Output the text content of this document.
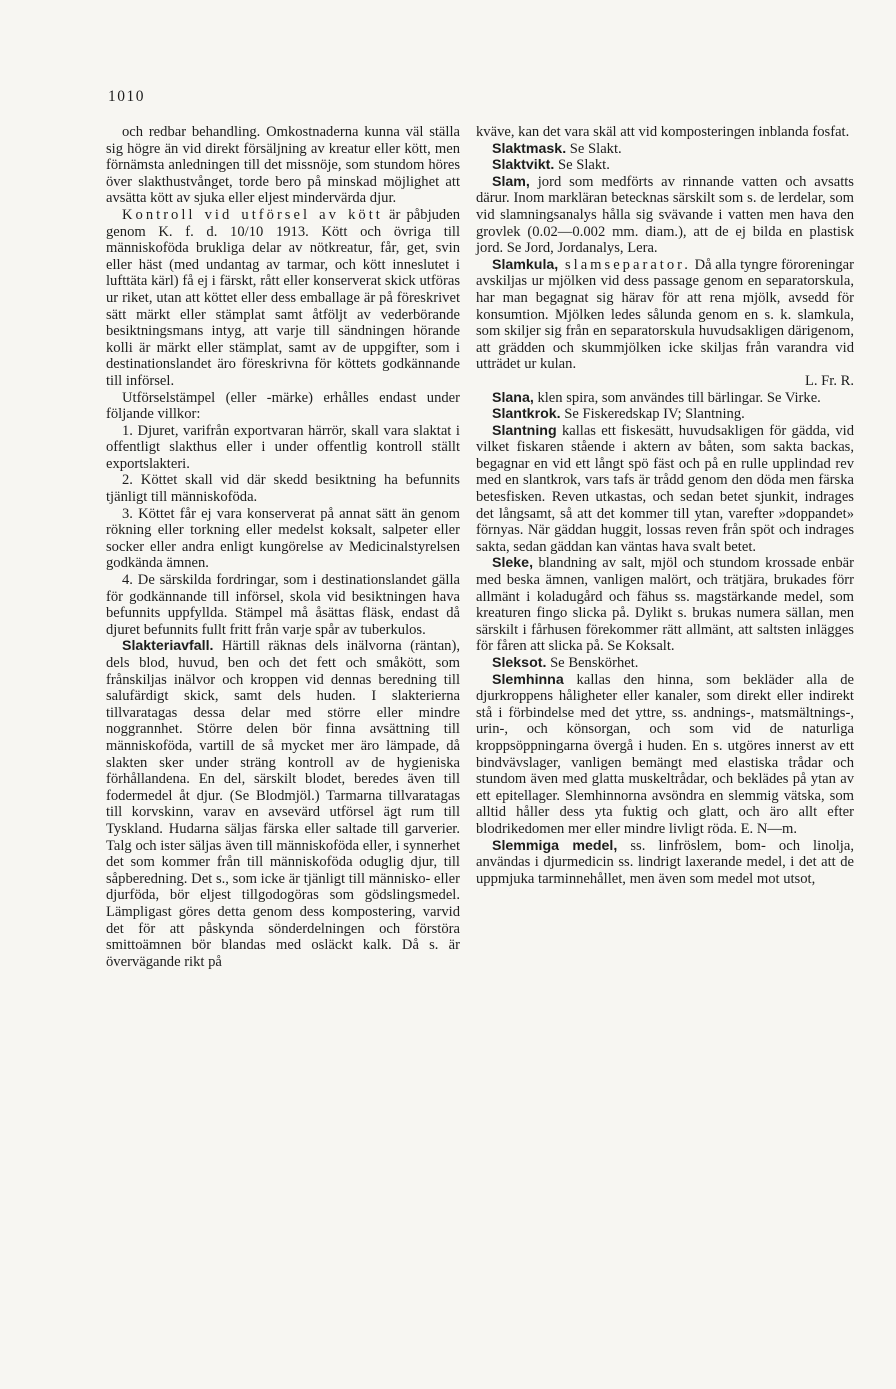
1010

och redbar behandling. Omkostnaderna kunna väl ställa sig högre än vid direkt försäljning av kreatur eller kött, men förnämsta anledningen till det missnöje, som stundom höres över slakthustvånget, torde bero på minskad möjlighet att avsätta kött av sjuka eller eljest mindervärda djur.

Kontroll vid utförsel av kött är påbjuden genom K. f. d. 10/10 1913. Kött och övriga till människoföda brukliga delar av nötkreatur, får, get, svin eller häst (med undantag av tarmar, och kött inneslutet i lufttäta kärl) få ej i färskt, rått eller konserverat skick utföras ur riket, utan att köttet eller dess emballage är på föreskrivet sätt märkt eller stämplat samt åtföljt av vederbörande besiktningsmans intyg, att varje till sändningen hörande kolli är märkt eller stämplat, samt av de uppgifter, som i destinationslandet äro föreskrivna för köttets godkännande till införsel.

Utförselstämpel (eller -märke) erhålles endast under följande villkor:

1. Djuret, varifrån exportvaran härrör, skall vara slaktat i offentligt slakthus eller i under offentlig kontroll ställt exportslakteri.

2. Köttet skall vid där skedd besiktning ha befunnits tjänligt till människoföda.

3. Köttet får ej vara konserverat på annat sätt än genom rökning eller torkning eller medelst koksalt, salpeter eller socker eller andra enligt kungörelse av Medicinalstyrelsen godkända ämnen.

4. De särskilda fordringar, som i destinationslandet gälla för godkännande till införsel, skola vid besiktningen hava befunnits uppfyllda. Stämpel må åsättas fläsk, endast då djuret befunnits fullt fritt från varje spår av tuberkulos.

Slakteriavfall. Härtill räknas dels inälvorna (räntan), dels blod, huvud, ben och det fett och småkött, som frånskiljas inälvor och kroppen vid dennas beredning till salufärdigt skick, samt dels huden. I slakterierna tillvaratagas dessa delar med större eller mindre noggrannhet. Större delen bör finna avsättning till människoföda, vartill de så mycket mer äro lämpade, då slakten sker under sträng kontroll av de hygieniska förhållandena. En del, särskilt blodet, beredes även till fodermedel åt djur. (Se Blodmjöl.) Tarmarna tillvaratagas till korvskinn, varav en avsevärd utförsel ägt rum till Tyskland. Hudarna säljas färska eller saltade till garverier. Talg och ister säljas även till människoföda eller, i synnerhet det som kommer från till människoföda oduglig djur, till såpberedning. Det s., som icke är tjänligt till människo- eller djurföda, bör eljest tillgodogöras som gödslingsmedel. Lämpligast göres detta genom dess kompostering, varvid det för att påskynda sönderdelningen och förstöra smittoämnen bör blandas med osläckt kalk. Då s. är övervägande rikt på

kväve, kan det vara skäl att vid komposteringen inblanda fosfat.

Slaktmask. Se Slakt.

Slaktvikt. Se Slakt.

Slam, jord som medförts av rinnande vatten och avsatts därur. Inom markläran betecknas särskilt som s. de lerdelar, som vid slamningsanalys hålla sig svävande i vatten men hava den grovlek (0.02—0.002 mm. diam.), att de ej bilda en plastisk jord. Se Jord, Jordanalys, Lera.

Slamkula, slamseparator. Då alla tyngre föroreningar avskiljas ur mjölken vid dess passage genom en separatorskula, har man begagnat sig härav för att rena mjölk, avsedd för konsumtion. Mjölken ledes sålunda genom en s. k. slamkula, som skiljer sig från en separatorskula huvudsakligen därigenom, att grädden och skummjölken icke skiljas från varandra vid utträdet ur kulan.

L. Fr. R.

Slana, klen spira, som användes till bärlingar. Se Virke.

Slantkrok. Se Fiskeredskap IV; Slantning.

Slantning kallas ett fiskesätt, huvudsakligen för gädda, vid vilket fiskaren stående i aktern av båten, som sakta backas, begagnar en vid ett långt spö fäst och på en rulle upplindad rev med en slantkrok, vars tafs är trådd genom den döda men färska betesfisken. Reven utkastas, och sedan betet sjunkit, indrages det långsamt, så att det kommer till ytan, varefter »doppandet» förnyas. När gäddan huggit, lossas reven från spöt och indrages sakta, sedan gäddan kan väntas hava svalt betet.

Sleke, blandning av salt, mjöl och stundom krossade enbär med beska ämnen, vanligen malört, och trätjära, brukades förr allmänt i koladugård och fähus ss. magstärkande medel, som kreaturen fingo slicka på. Dylikt s. brukas numera sällan, men särskilt i fårhusen förekommer rätt allmänt, att saltsten inlägges för fåren att slicka på. Se Koksalt.

Sleksot. Se Benskörhet.

Slemhinna kallas den hinna, som bekläder alla de djurkroppens håligheter eller kanaler, som direkt eller indirekt stå i förbindelse med det yttre, ss. andnings-, matsmältnings-, urin-, och könsorgan, och som vid de naturliga kroppsöppningarna övergå i huden. En s. utgöres innerst av ett bindvävslager, vanligen bemängt med elastiska trådar och stundom även med glatta muskeltrådar, och beklädes på ytan av ett epitellager. Slemhinnorna avsöndra en slemmig vätska, som alltid håller dess yta fuktig och glatt, och äro allt efter blodrikedomen mer eller mindre livligt röda. E. N—m.

Slemmiga medel, ss. linfröslem, bom- och linolja, användas i djurmedicin ss. lindrigt laxerande medel, i det att de uppmjuka tarminnehållet, men även som medel mot utsot,
